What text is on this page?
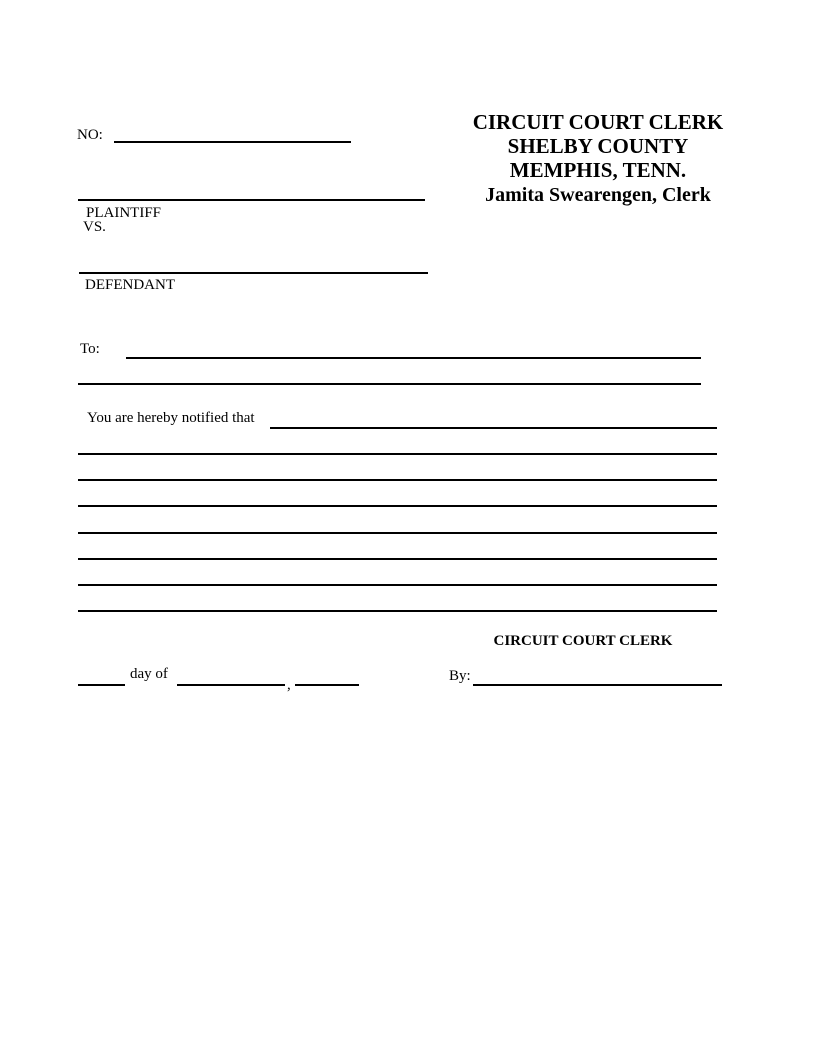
CIRCUIT COURT CLERK
SHELBY COUNTY
MEMPHIS, TENN.
Jamita Swearengen, Clerk
NO:
PLAINTIFF
VS.
DEFENDANT
To:
You are hereby notified that
CIRCUIT COURT CLERK
day of
,
By:
